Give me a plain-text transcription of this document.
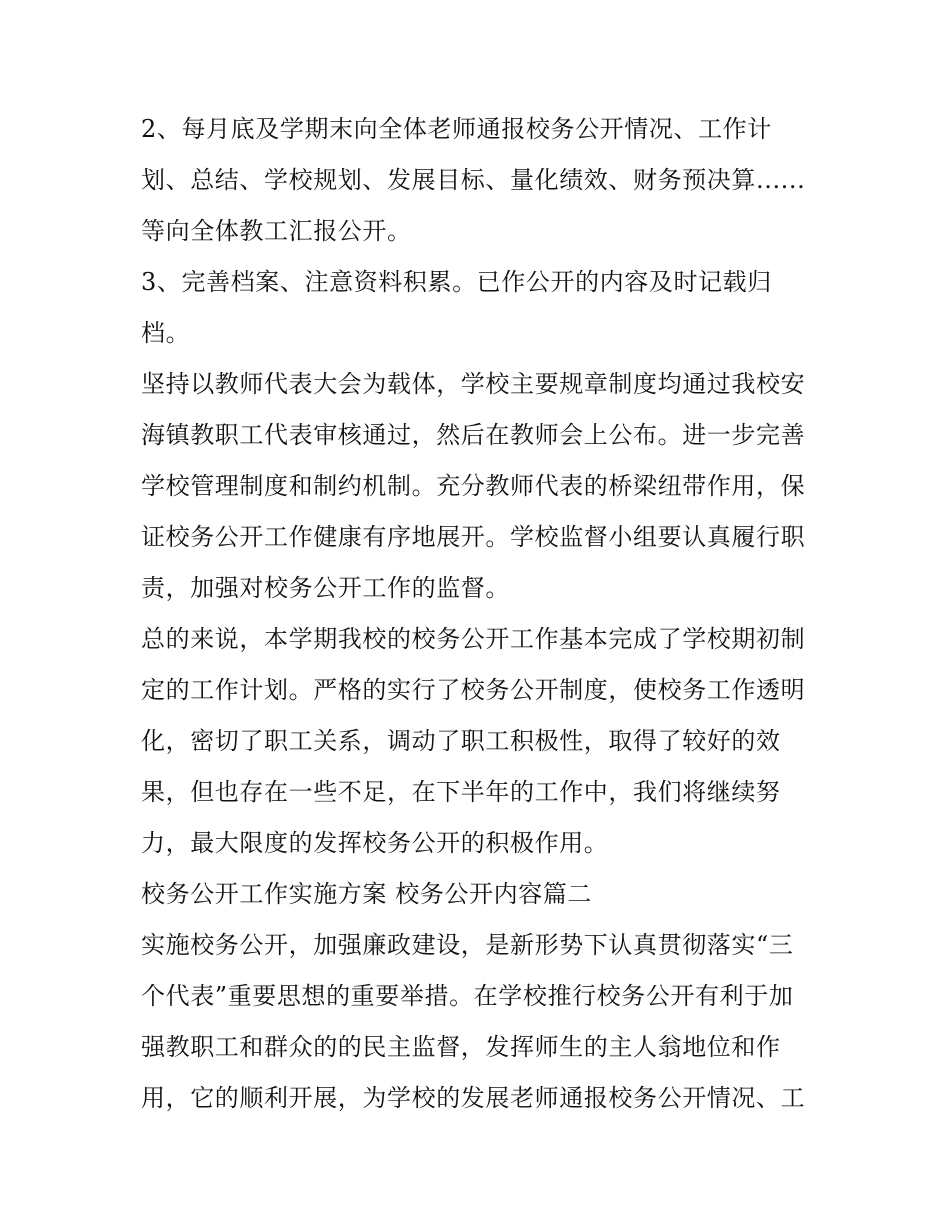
2、每月底及学期末向全体老师通报校务公开情况、工作计
划、总结、学校规划、发展目标、量化绩效、财务预决算......
等向全体教工汇报公开。
3、完善档案、注意资料积累。已作公开的内容及时记载归
档。
坚持以教师代表大会为载体，学校主要规章制度均通过我校安
海镇教职工代表审核通过，然后在教师会上公布。进一步完善
学校管理制度和制约机制。充分教师代表的桥梁纽带作用，保
证校务公开工作健康有序地展开。学校监督小组要认真履行职
责，加强对校务公开工作的监督。
总的来说，本学期我校的校务公开工作基本完成了学校期初制
定的工作计划。严格的实行了校务公开制度，使校务工作透明
化，密切了职工关系，调动了职工积极性，取得了较好的效
果，但也存在一些不足，在下半年的工作中，我们将继续努
力，最大限度的发挥校务公开的积极作用。
校务公开工作实施方案 校务公开内容篇二
实施校务公开，加强廉政建设，是新形势下认真贯彻落实“三
个代表”重要思想的重要举措。在学校推行校务公开有利于加
强教职工和群众的的民主监督，发挥师生的主人翁地位和作
用，它的顺利开展，为学校的发展老师通报校务公开情况、工
